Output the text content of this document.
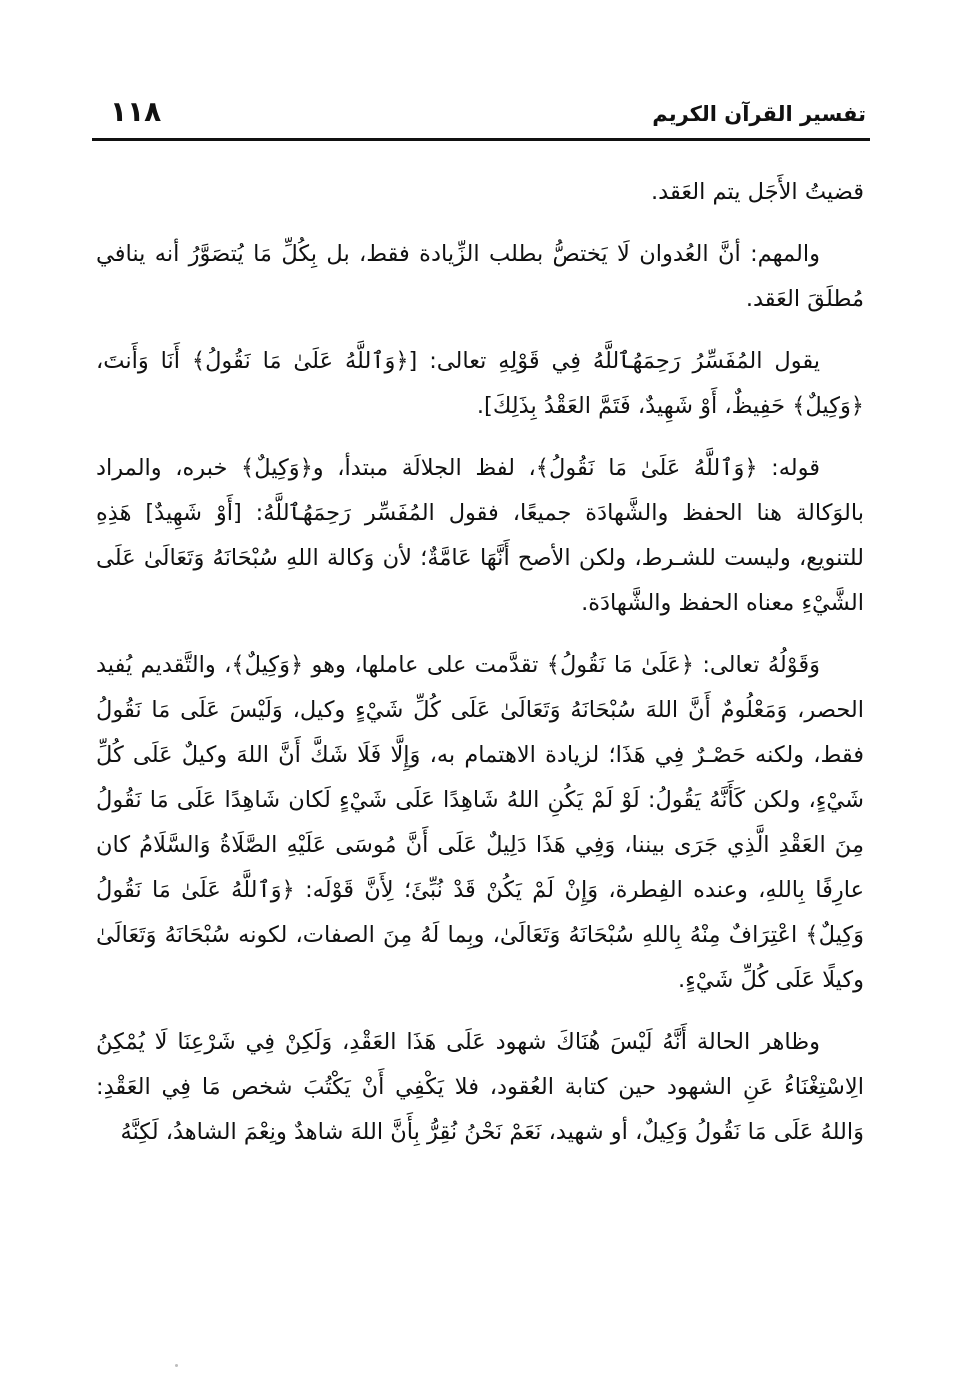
١١٨	تفسير القرآن الكريم

قضيتُ الأَجَل يتم العَقد.

والمهم: أنَّ العُدوان لَا يَختصُّ بطلب الزِّيادة فقط، بل بِكُلِّ مَا يُتصَوَّرُ أنه ينافي مُطلَقَ العَقد.

يقول المُفَسِّرُ رَحِمَهُٱللَّهُ فِي قَوْلِهِ تعالى: [﴿وَٱللَّهُ عَلَىٰ مَا نَقُولُ﴾ أَنَا وَأَنتَ، ﴿وَكِيلٌ﴾ حَفِيظٌ، أَوْ شَهِيدٌ، فَتَمَّ العَقْدُ بِذَلِكَ].

قوله: ﴿وَٱللَّهُ عَلَىٰ مَا نَقُولُ﴾، لفظ الجلالَة مبتدأ، و﴿وَكِيلٌ﴾ خبره، والمراد بالوَكالة هنا الحفظ والشَّهادَة جميعًا، فقول المُفَسِّر رَحِمَهُٱللَّهُ: [أَوْ شَهِيدٌ] هَذِهِ للتنويع، وليست للشـرط، ولكن الأصح أَنَّهَا عَامَّةٌ؛ لأن وَكالة اللهِ سُبْحَانَهُ وَتَعَالَىٰ عَلَى الشَّيْءِ معناه الحفظ والشَّهادَة.

وَقَوْلُهُ تعالى: ﴿عَلَىٰ مَا نَقُولُ﴾ تقدَّمت على عاملها، وهو ﴿وَكِيلٌ﴾، والتَّقديم يُفيد الحصر، وَمَعْلُومٌ أَنَّ اللهَ سُبْحَانَهُ وَتَعَالَىٰ عَلَى كُلِّ شَيْءٍ وكيل، وَلَيْسَ عَلَى مَا نَقُولُ فقط، ولكنه حَصْـرٌ فِي هَذَا؛ لزيادة الاهتمام به، وَإِلَّا فَلَا شَكَّ أَنَّ اللهَ وكيلٌ عَلَى كُلِّ شَيْءٍ، ولكن كَأَنَّهُ يَقُولُ: لَوْ لَمْ يَكُنِ اللهُ شَاهِدًا عَلَى شَيْءٍ لَكان شَاهِدًا عَلَى مَا نَقُولُ مِنَ العَقْدِ الَّذِي جَرَى بيننا، وَفِي هَذَا دَلِيلٌ عَلَى أَنَّ مُوسَى عَلَيْهِ الصَّلَاةُ وَالسَّلَامُ كان عارِفًا بِاللهِ، وعنده الفِطرة، وَإِنْ لَمْ يَكُنْ قَدْ نُبِّئَ؛ لِأَنَّ قَوْلَه: ﴿وَٱللَّهُ عَلَىٰ مَا نَقُولُ وَكِيلٌ﴾ اعْتِرَافٌ مِنْهُ بِاللهِ سُبْحَانَهُ وَتَعَالَىٰ، وبِما لَهُ مِنَ الصفات، لكونه سُبْحَانَهُ وَتَعَالَىٰ وكيلًا عَلَى كُلِّ شَيْءٍ.

وظاهر الحالة أَنَّهُ لَيْسَ هُنَاكَ شهود عَلَى هَذَا العَقْدِ، وَلَكِنْ فِي شَرْعِنَا لَا يُمْكِنُ الِاسْتِغْنَاءُ عَنِ الشهود حين كتابة العُقود، فلا يَكْفِي أَنْ يَكْتُبَ شخص مَا فِي العَقْدِ: وَاللهُ عَلَى مَا نَقُولُ وَكِيلٌ، أو شهيد، نَعَمْ نَحْنُ نُقِرُّ بِأَنَّ اللهَ شاهدٌ ونِعْمَ الشاهدُ، لَكِنَّهُ
